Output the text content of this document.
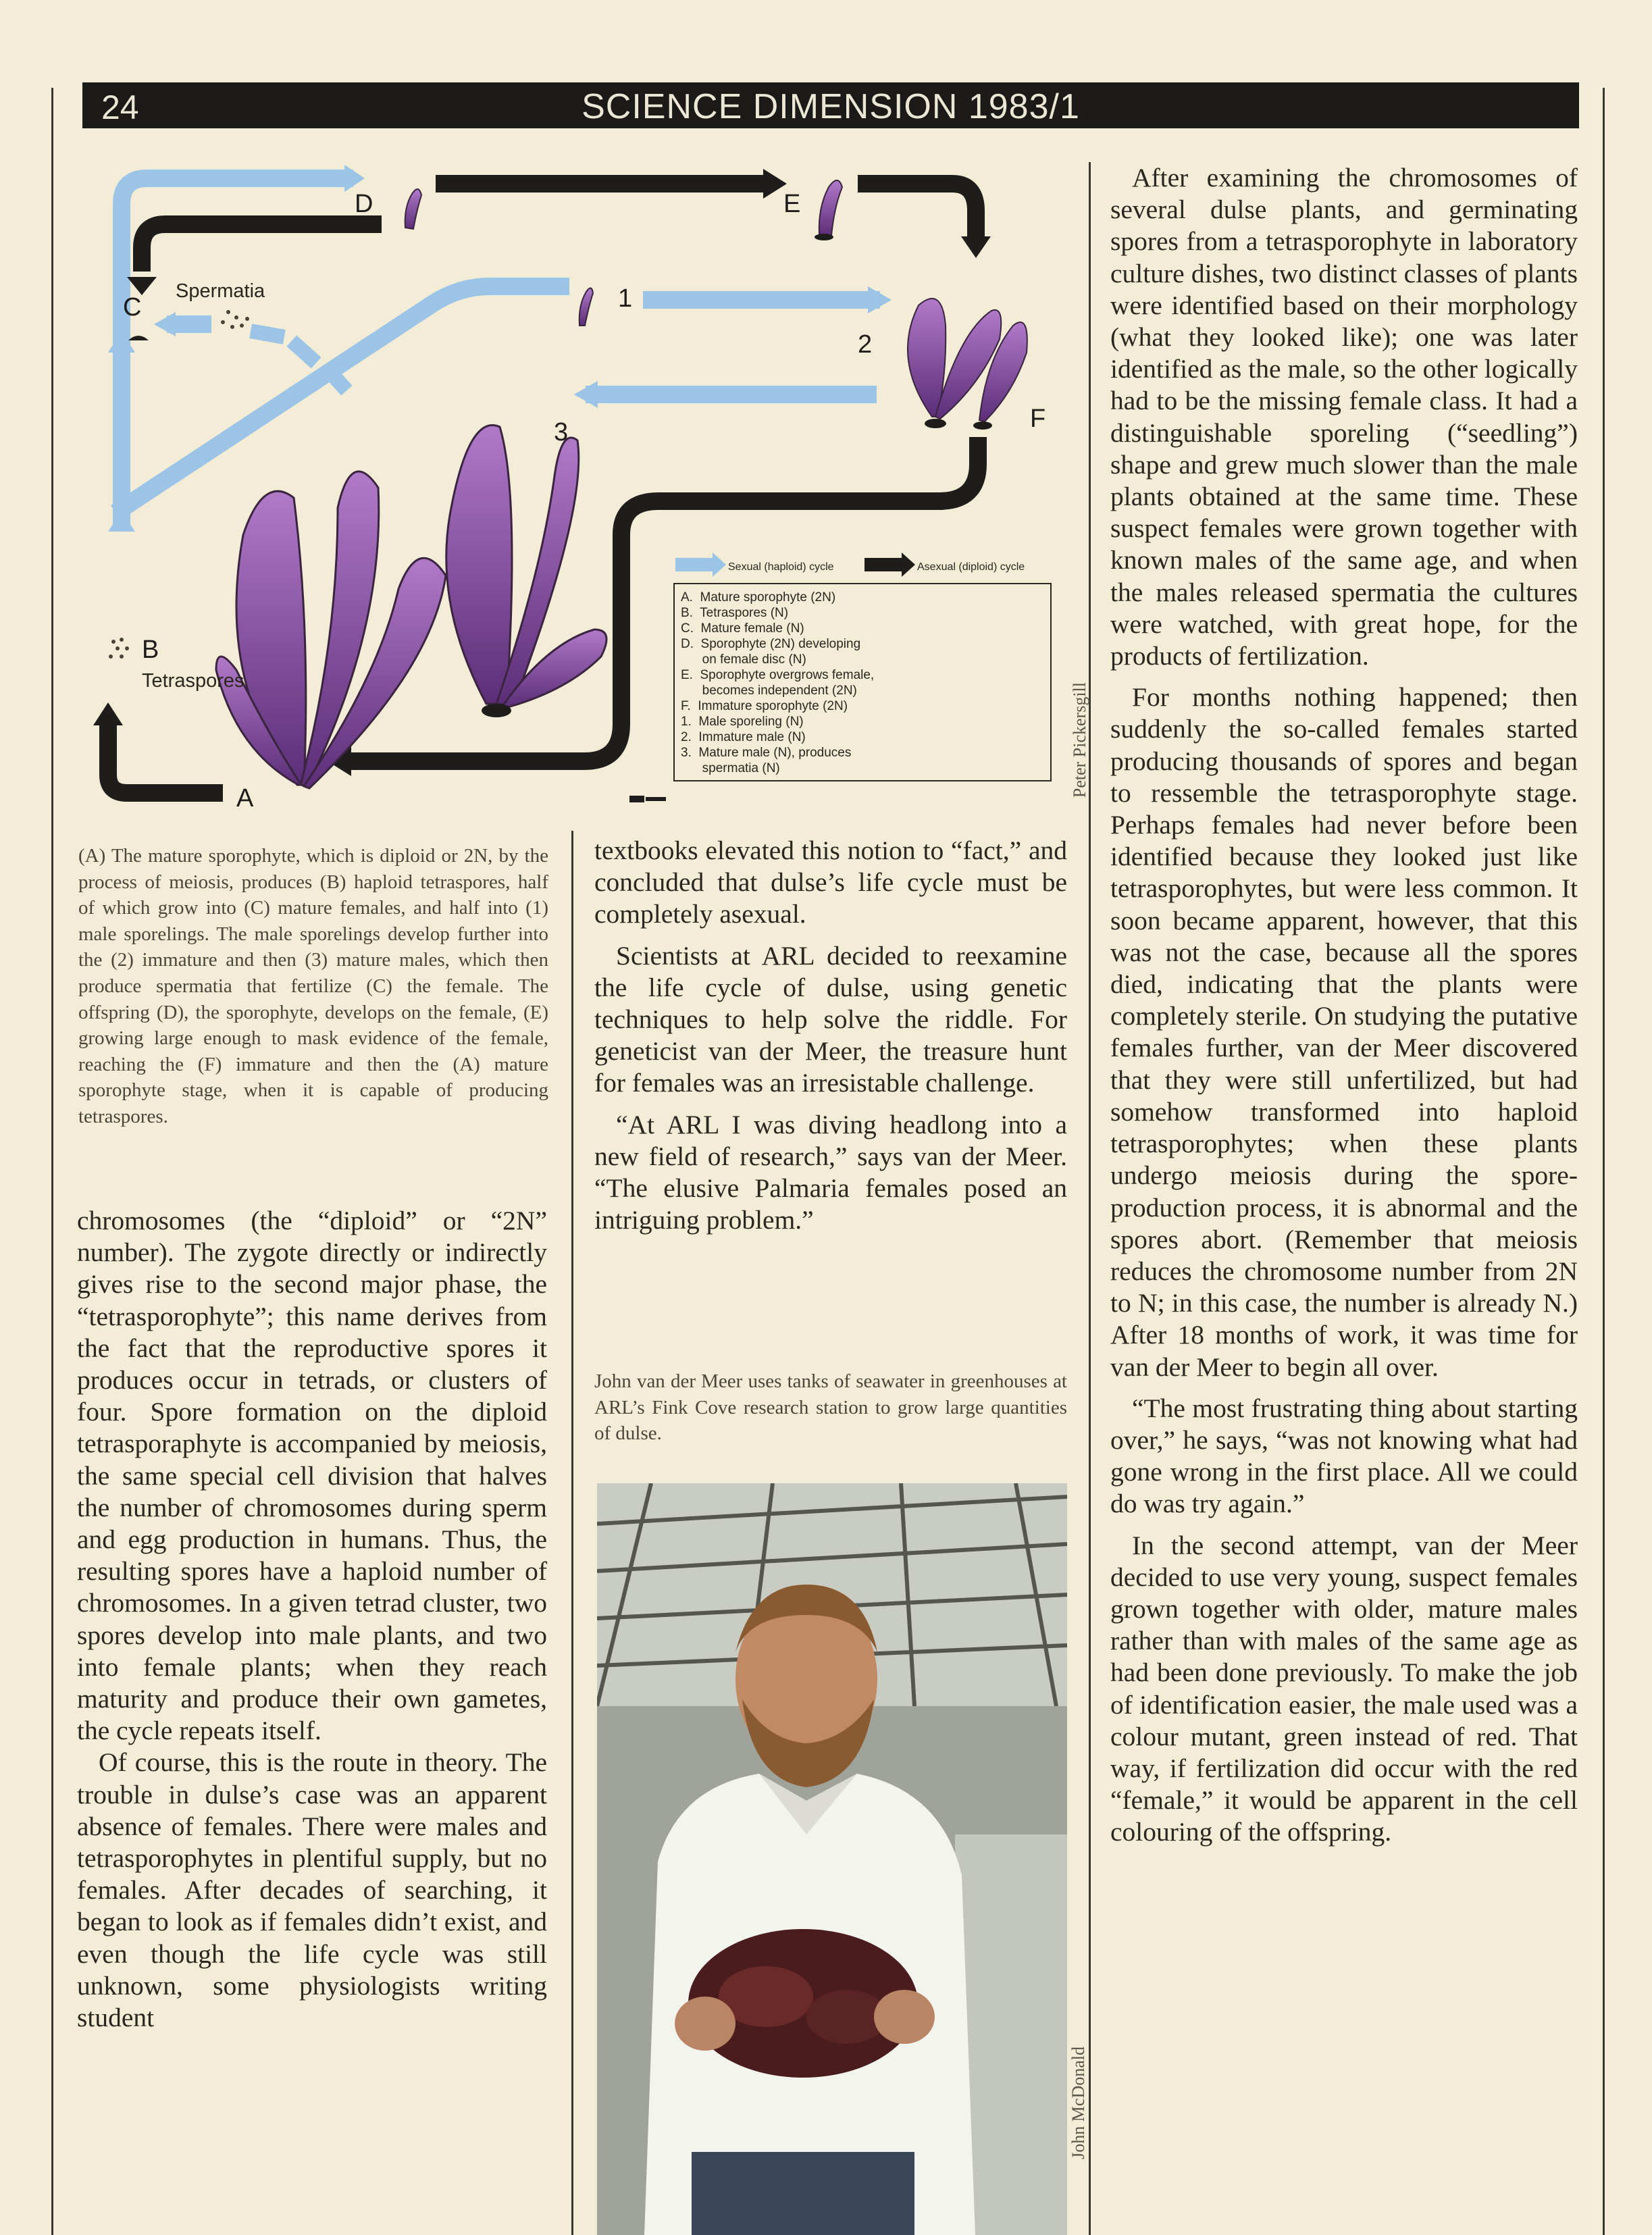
24	SCIENCE DIMENSION 1983/1
D	E
C	1
2
3	F
B
A
Spermatia
Tetraspores
Sexual (haploid) cycle	Asexual (diploid) cycle
A.  Mature sporophyte (2N)
B.  Tetraspores (N)
C.  Mature female (N)
D.  Sporophyte (2N) developing
on female disc (N)
E.  Sporophyte overgrows female,
becomes independent (2N)
F.  Immature sporophyte (2N)
1.  Male sporeling (N)
2.  Immature male (N)
3.  Mature male (N), produces
spermatia (N)	Peter Pickersgill
(A) The mature sporophyte, which is diploid or 2N, by the process of meiosis, produces (B) haploid tetraspores, half of which grow into (C) mature females, and half into (1) male sporelings. The male sporelings develop further into the (2) immature and then (3) mature males, which then produce spermatia that fertilize (C) the female. The offspring (D), the sporophyte, develops on the female, (E) growing large enough to mask evidence of the female, reaching the (F) immature and then the (A) mature sporophyte stage, when it is capable of producing tetraspores.

chromosomes (the “diploid” or “2N” number). The zygote directly or indirectly gives rise to the second major phase, the “tetrasporophyte”; this name derives from the fact that the reproductive spores it produces occur in tetrads, or clusters of four. Spore formation on the diploid tetrasporaphyte is accompanied by meiosis, the same special cell division that halves the number of chromosomes during sperm and egg production in humans. Thus, the resulting spores have a haploid number of chromosomes. In a given tetrad cluster, two spores develop into male plants, and two into female plants; when they reach maturity and produce their own gametes, the cycle repeats itself.

Of course, this is the route in theory. The trouble in dulse’s case was an apparent absence of females. There were males and tetrasporophytes in plentiful supply, but no females. After decades of searching, it began to look as if females didn’t exist, and even though the life cycle was still unknown, some physiologists writing student

textbooks elevated this notion to “fact,” and concluded that dulse’s life cycle must be completely asexual.

Scientists at ARL decided to reexamine the life cycle of dulse, using genetic techniques to help solve the riddle. For geneticist van der Meer, the treasure hunt for females was an irresistable challenge.

“At ARL I was diving headlong into a new field of research,” says van der Meer. “The elusive Palmaria females posed an intriguing problem.”

John van der Meer uses tanks of seawater in greenhouses at ARL’s Fink Cove research station to grow large quantities of dulse.
John McDonald

After examining the chromosomes of several dulse plants, and germinating spores from a tetrasporophyte in laboratory culture dishes, two distinct classes of plants were identified based on their morphology (what they looked like); one was later identified as the male, so the other logically had to be the missing female class. It had a distinguishable sporeling (“seedling”) shape and grew much slower than the male plants obtained at the same time. These suspect females were grown together with known males of the same age, and when the males released spermatia the cultures were watched, with great hope, for the products of fertilization.

For months nothing happened; then suddenly the so-called females started producing thousands of spores and began to ressemble the tetrasporophyte stage. Perhaps females had never before been identified because they looked just like tetrasporophytes, but were less common. It soon became apparent, however, that this was not the case, because all the spores died, indicating that the plants were completely sterile. On studying the putative females further, van der Meer discovered that they were still unfertilized, but had somehow transformed into haploid tetrasporophytes; when these plants undergo meiosis during the spore-production process, it is abnormal and the spores abort. (Remember that meiosis reduces the chromosome number from 2N to N; in this case, the number is already N.) After 18 months of work, it was time for van der Meer to begin all over.

“The most frustrating thing about starting over,” he says, “was not knowing what had gone wrong in the first place. All we could do was try again.”

In the second attempt, van der Meer decided to use very young, suspect females grown together with older, mature males rather than with males of the same age as had been done previously. To make the job of identification easier, the male used was a colour mutant, green instead of red. That way, if fertilization did occur with the red “female,” it would be apparent in the cell colouring of the offspring.
